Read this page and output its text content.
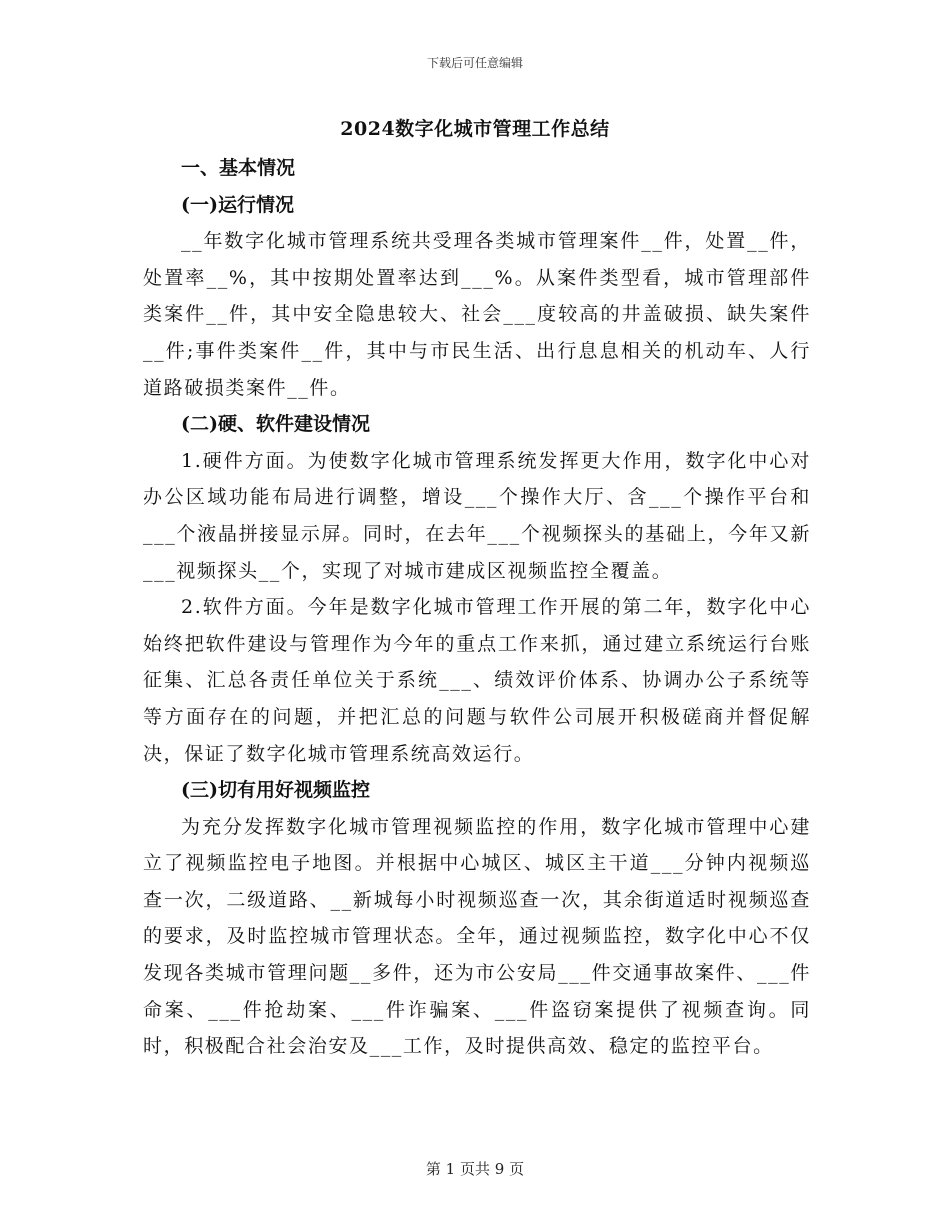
下载后可任意编辑
2024数字化城市管理工作总结

一、基本情况

(一)运行情况

__年数字化城市管理系统共受理各类城市管理案件__件，处置__件，处置率__%，其中按期处置率达到___%。从案件类型看，城市管理部件类案件__件，其中安全隐患较大、社会___度较高的井盖破损、缺失案件__件;事件类案件__件，其中与市民生活、出行息息相关的机动车、人行道路破损类案件__件。

(二)硬、软件建设情况

1.硬件方面。为使数字化城市管理系统发挥更大作用，数字化中心对办公区域功能布局进行调整，增设___个操作大厅、含___个操作平台和___个液晶拼接显示屏。同时，在去年___个视频探头的基础上，今年又新___视频探头__个，实现了对城市建成区视频监控全覆盖。

2.软件方面。今年是数字化城市管理工作开展的第二年，数字化中心始终把软件建设与管理作为今年的重点工作来抓，通过建立系统运行台账征集、汇总各责任单位关于系统___、绩效评价体系、协调办公子系统等等方面存在的问题，并把汇总的问题与软件公司展开积极磋商并督促解决，保证了数字化城市管理系统高效运行。

(三)切有用好视频监控

为充分发挥数字化城市管理视频监控的作用，数字化城市管理中心建立了视频监控电子地图。并根据中心城区、城区主干道___分钟内视频巡查一次，二级道路、__新城每小时视频巡查一次，其余街道适时视频巡查的要求，及时监控城市管理状态。全年，通过视频监控，数字化中心不仅发现各类城市管理问题__多件，还为市公安局___件交通事故案件、___件命案、___件抢劫案、___件诈骗案、___件盗窃案提供了视频查询。同时，积极配合社会治安及___工作，及时提供高效、稳定的监控平台。

第 1 页共 9 页
